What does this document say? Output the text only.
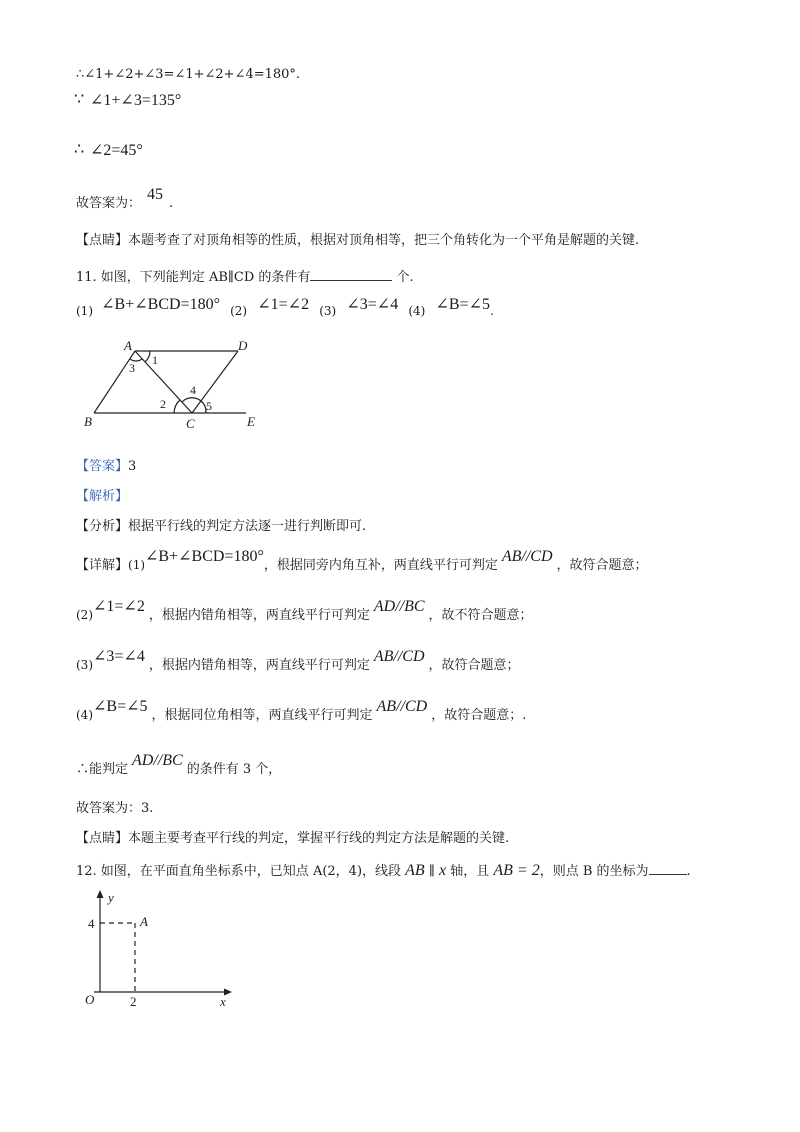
∴∠1+∠2+∠3=∠1+∠2+∠4=180°.
∵ ∠1+∠3=135°
∴ ∠2=45°
故答案为：45.
【点睛】本题考查了对顶角相等的性质，根据对顶角相等，把三个角转化为一个平角是解题的关键.
11. 如图，下列能判定 AB∥CD 的条件有	个.
(1) ∠B+∠BCD=180° (2) ∠1=∠2 (3) ∠3=∠4 (4) ∠B=∠5.
A	D
B	C	E
1
3
2
4
5
【答案】3
【解析】
【分析】根据平行线的判定方法逐一进行判断即可.
【详解】(1)∠B+∠BCD=180°，根据同旁内角互补，两直线平行可判定AB//CD，故符合题意；
(2)∠1=∠2，根据内错角相等，两直线平行可判定AD//BC，故不符合题意；
(3)∠3=∠4，根据内错角相等，两直线平行可判定AB//CD，故符合题意；
(4)∠B=∠5，根据同位角相等，两直线平行可判定AB//CD，故符合题意；.
∴能判定AD//BC的条件有 3 个，
故答案为：3.
【点睛】本题主要考查平行线的判定，掌握平行线的判定方法是解题的关键.
12. 如图，在平面直角坐标系中，已知点 A(2，4)，线段 AB ∥ x 轴，且 AB = 2，则点 B 的坐标为	.
y
x
O
A
4
2
